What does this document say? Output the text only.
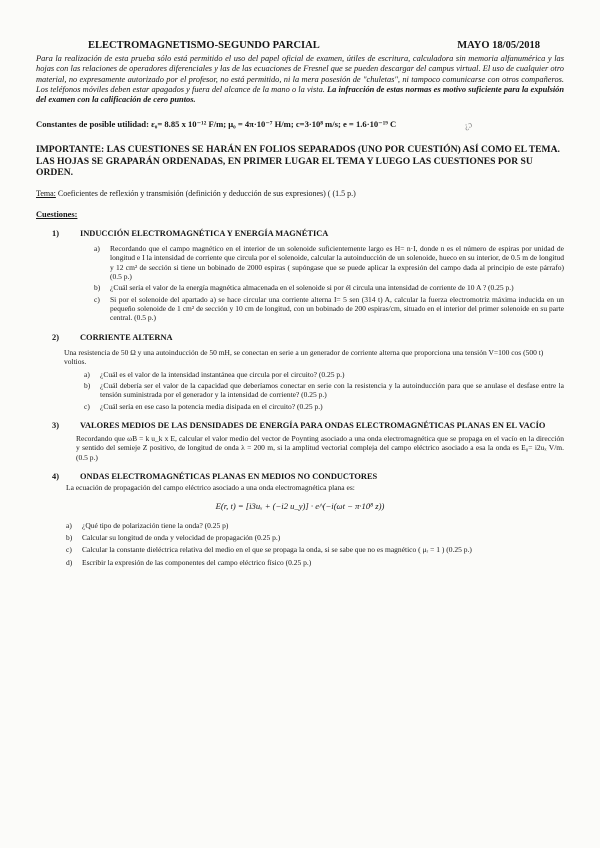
ELECTROMAGNETISMO-SEGUNDO PARCIAL	MAYO 18/05/2018
Para la realización de esta prueba sólo está permitido el uso del papel oficial de examen, útiles de escritura, calculadora sin memoria alfanumérica y las hojas con las relaciones de operadores diferenciales y las de las ecuaciones de Fresnel que se pueden descargar del campus virtual. El uso de cualquier otro material, no expresamente autorizado por el profesor, no está permitido, ni la mera posesión de "chuletas", ni tampoco comunicarse con otros compañeros. Los teléfonos móviles deben estar apagados y fuera del alcance de la mano o la vista. La infracción de estas normas es motivo suficiente para la expulsión del examen con la calificación de cero puntos.
¿ɔ
Constantes de posible utilidad: ε₀= 8.85 x 10⁻¹² F/m; μ₀ = 4π·10⁻⁷ H/m; c=3·10⁸ m/s; e = 1.6·10⁻¹⁹ C
IMPORTANTE: LAS CUESTIONES SE HARÁN EN FOLIOS SEPARADOS (UNO POR CUESTIÓN) ASÍ COMO EL TEMA. LAS HOJAS SE GRAPARÁN ORDENADAS, EN PRIMER LUGAR EL TEMA Y LUEGO LAS CUESTIONES POR SU ORDEN.
Tema: Coeficientes de reflexión y transmisión (definición y deducción de sus expresiones) ( (1.5 p.)
Cuestiones:
1)	INDUCCIÓN ELECTROMAGNÉTICA Y ENERGÍA MAGNÉTICA
a)	Recordando que el campo magnético en el interior de un solenoide suficientemente largo es H= n·I, donde n es el número de espiras por unidad de longitud e I la intensidad de corriente que circula por el solenoide, calcular la autoinducción de un solenoide, hueco en su interior, de 0.5 m de longitud y 12 cm² de sección si tiene un bobinado de 2000 espiras ( supóngase que se puede aplicar la expresión del campo dada al principio de este párrafo)(0.5 p.)
b)	¿Cuál sería el valor de la energía magnética almacenada en el solenoide si por él circula una intensidad de corriente de 10 A ? (0.25 p.)
c)	Si por el solenoide del apartado a) se hace circular una corriente alterna I= 5 sen (314 t) A, calcular la fuerza electromotriz máxima inducida en un pequeño solenoide de 1 cm² de sección y 10 cm de longitud, con un bobinado de 200 espiras/cm, situado en el interior del primer solenoide en su parte central. (0.5 p.)
2)	CORRIENTE ALTERNA
Una resistencia de 50 Ω y una autoinducción de 50 mH, se conectan en serie a un generador de corriente alterna que proporciona una tensión V=100 cos (500 t) voltios.
a)	¿Cuál es el valor de la intensidad instantánea que circula por el circuito? (0.25 p.)
b)	¿Cuál debería ser el valor de la capacidad que deberíamos conectar en serie con la resistencia y la autoinducción para que se anulase el desfase entre la tensión suministrada por el generador y la intensidad de corriente? (0.25 p.)
c)	¿Cuál sería en ese caso la potencia media disipada en el circuito? (0.25 p.)
3)	VALORES MEDIOS DE LAS DENSIDADES DE ENERGÍA PARA ONDAS ELECTROMAGNÉTICAS PLANAS EN EL VACÍO
Recordando que ωB = k u_k x E, calcular el valor medio del vector de Poynting asociado a una onda electromagnética que se propaga en el vacío en la dirección y sentido del semieje Z positivo, de longitud de onda λ = 200 m, si la amplitud vectorial compleja del campo eléctrico asociado a esa la onda es E₀= i2uₓ V/m. (0.5 p.)
4)	ONDAS ELECTROMAGNÉTICAS PLANAS EN MEDIOS NO CONDUCTORES
La ecuación de propagación del campo eléctrico asociado a una onda electromagnética plana es:
E(r, t) = [i3uₓ + (−i2 u_y)] · e^(−i(ωt − π·10⁸ z))
a)	¿Qué tipo de polarización tiene la onda? (0.25 p)
b)	Calcular su longitud de onda y velocidad de propagación (0.25 p.)
c)	Calcular la constante dieléctrica relativa del medio en el que se propaga la onda, si se sabe que no es magnético ( μᵣ = 1 ) (0.25 p.)
d)	Escribir la expresión de las componentes del campo eléctrico físico (0.25 p.)
